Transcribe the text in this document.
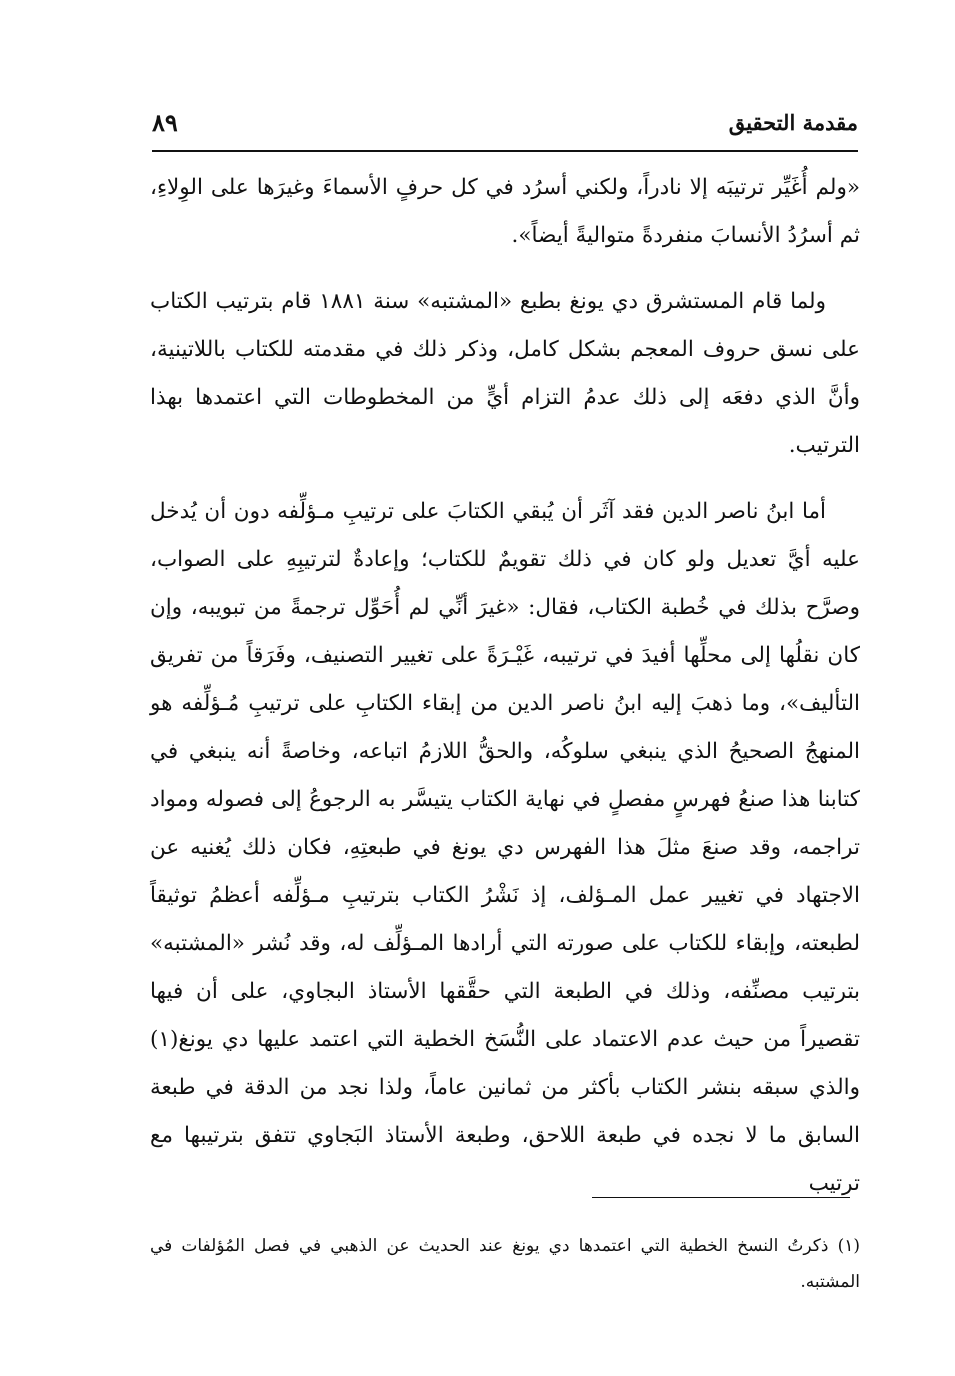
مقدمة التحقيق
٨٩

«ولم أُغَيِّر ترتيبَه إلا نادراً، ولكني أسرُد في كل حرفٍ الأسماءَ وغيرَها على الوِلاءِ، ثم أسرُدُ الأنسابَ منفردةً متواليةً أيضاً».

ولما قام المستشرق دي يونغ بطبع «المشتبه» سنة ١٨٨١ قام بترتيب الكتاب على نسق حروف المعجم بشكل كامل، وذكر ذلك في مقدمته للكتاب باللاتينية، وأنَّ الذي دفعَه إلى ذلك عدمُ التزام أيٍّ من المخطوطات التي اعتمدها بهذا الترتيب.

أما ابنُ ناصر الدين فقد آثَر أن يُبقي الكتابَ على ترتيبِ مـؤلِّفه دون أن يُدخل عليه أيَّ تعديل ولو كان في ذلك تقويمٌ للكتاب؛ وإعادةٌ لترتيبِهِ على الصواب، وصرَّح بذلك في خُطبة الكتاب، فقال: «غيرَ أنِّي لم أُحَوِّل ترجمةً من تبويبه، وإن كان نقلُها إلى محلِّها أفيدَ في ترتيبه، غَيْـرَةً على تغيير التصنيف، وفَرَقاً من تفريق التأليف»، وما ذهبَ إليه ابنُ ناصر الدين من إبقاء الكتابِ على ترتيبِ مُـؤلِّفه هو المنهجُ الصحيحُ الذي ينبغي سلوكُه، والحقُّ اللازمُ اتباعه، وخاصةً أنه ينبغي في كتابنا هذا صنعُ فهرسٍ مفصلٍ في نهاية الكتاب يتيسَّر به الرجوعُ إلى فصوله ومواد تراجمه، وقد صنعَ مثلَ هذا الفهرس دي يونغ في طبعتِهِ، فكان ذلك يُغنيه عن الاجتهاد في تغيير عمل المـؤلف، إذ نَشْرُ الكتاب بترتيبِ مـؤلِّفه أعظمُ توثيقاً لطبعته، وإبقاء للكتاب على صورته التي أرادها المـؤلِّف له، وقد نُشر «المشتبه» بترتيب مصنِّفه، وذلك في الطبعة التي حقَّقها الأستاذ البجاوي، على أن فيها تقصيراً من حيث عدم الاعتماد على النُّسَخ الخطية التي اعتمد عليها دي يونغ(١) والذي سبقه بنشر الكتاب بأكثر من ثمانين عاماً، ولذا نجد من الدقة في طبعة السابق ما لا نجده في طبعة اللاحق، وطبعة الأستاذ البَجاوي تتفق بترتيبها مع ترتيب

(١) ذكرتُ النسخ الخطية التي اعتمدها دي يونغ عند الحديث عن الذهبي في فصل المُؤلفات في المشتبه.
